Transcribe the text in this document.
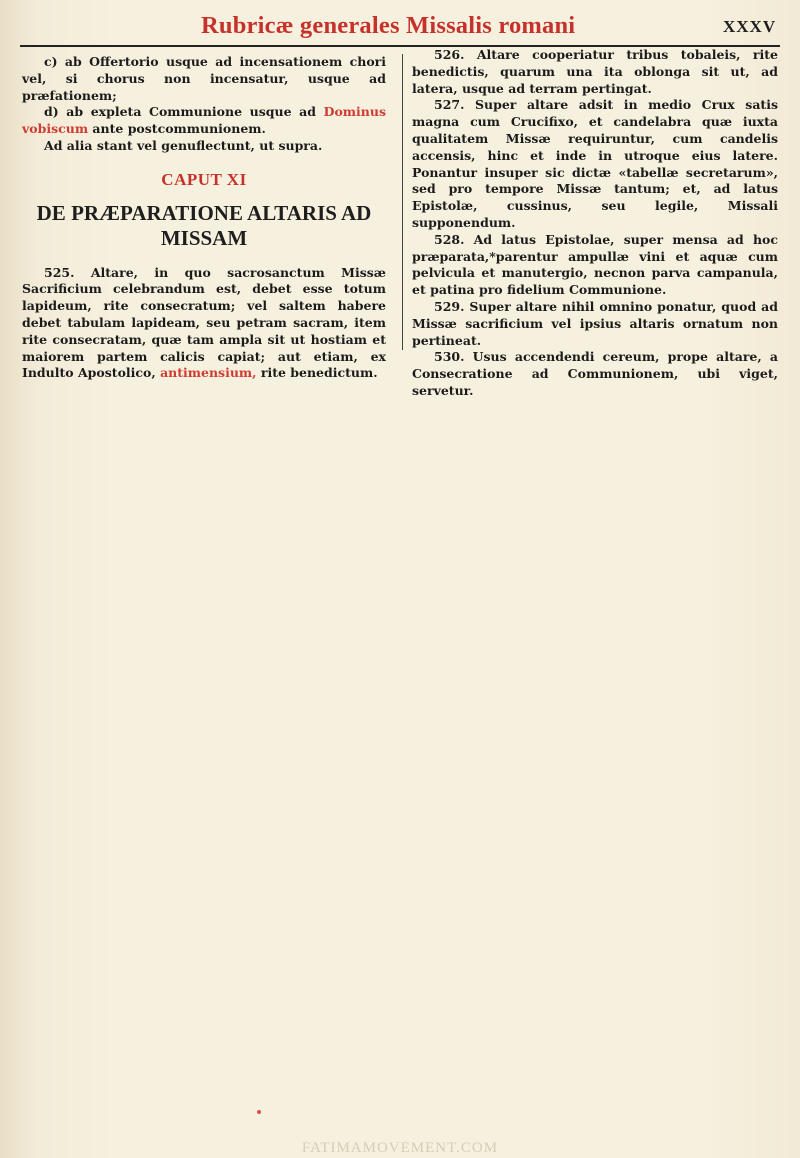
Rubricæ generales Missalis romani	XXXV

c) ab Offertorio usque ad incensationem chori vel, si chorus non incensatur, usque ad præfationem;

d) ab expleta Communione usque ad Dominus vobiscum ante postcommunionem.

Ad alia stant vel genuflectunt, ut supra.

CAPUT XI
DE PRÆPARATIONE ALTARIS AD MISSAM

525. Altare, in quo sacrosanctum Missæ Sacrificium celebrandum est, debet esse totum lapideum, rite consecratum; vel saltem habere debet tabulam lapideam, seu petram sacram, item rite consecratam, quæ tam ampla sit ut hostiam et maiorem partem calicis capiat; aut etiam, ex Indulto Apostolico, antimensium, rite benedictum.

526. Altare cooperiatur tribus tobaleis, rite benedictis, quarum una ita oblonga sit ut, ad latera, usque ad terram pertingat.

527. Super altare adsit in medio Crux satis magna cum Crucifixo, et candelabra quæ iuxta qualitatem Missæ requiruntur, cum candelis accensis, hinc et inde in utroque eius latere. Ponantur insuper sic dictæ «tabellæ secretarum», sed pro tempore Missæ tantum; et, ad latus Epistolæ, cussinus, seu legile, Missali supponendum.

528. Ad latus Epistolae, super mensa ad hoc præparata,*parentur ampullæ vini et aquæ cum pelvicula et manutergio, necnon parva campanula, et patina pro fidelium Communione.

529. Super altare nihil omnino ponatur, quod ad Missæ sacrificium vel ipsius altaris ornatum non pertineat.

530. Usus accendendi cereum, prope altare, a Consecratione ad Communionem, ubi viget, servetur.

FATIMAMOVEMENT.COM
